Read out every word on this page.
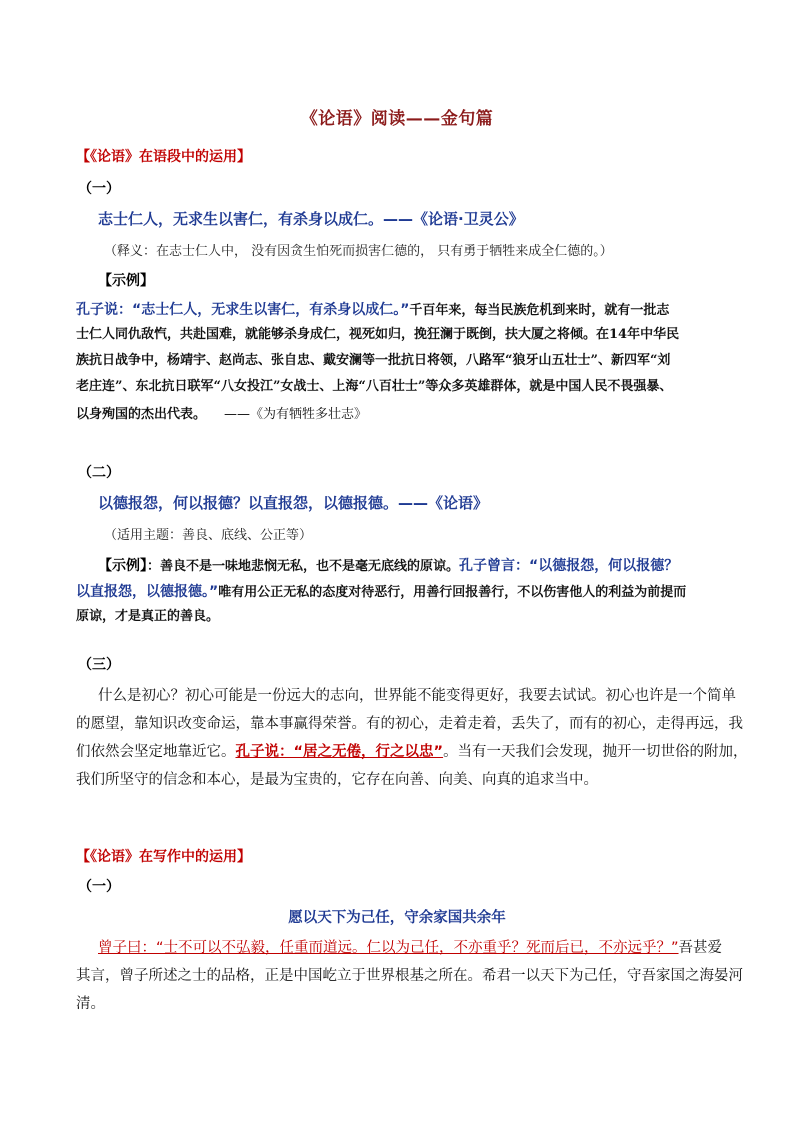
《论语》阅读——金句篇
【《论语》在语段中的运用】
（一）
志士仁人，无求生以害仁，有杀身以成仁。——《论语·卫灵公》
（释义：在志士仁人中， 没有因贪生怕死而损害仁德的， 只有勇于牺牲来成全仁德的。）
【示例】
孔子说：“志士仁人，无求生以害仁，有杀身以成仁。”千百年来，每当民族危机到来时，就有一批志
士仁人同仇敌忾，共赴国难，就能够杀身成仁，视死如归，挽狂澜于既倒，扶大厦之将倾。在14年中华民
族抗日战争中，杨靖宇、赵尚志、张自忠、戴安澜等一批抗日将领，八路军“狼牙山五壮士”、新四军“刘
老庄连”、东北抗日联军“八女投江”女战士、上海“八百壮士”等众多英雄群体，就是中国人民不畏强暴、
以身殉国的杰出代表。 ——《为有牺牲多壮志》
（二）
以德报怨，何以报德？以直报怨，以德报德。——《论语》
（适用主题：善良、底线、公正等）
【示例】：善良不是一味地悲悯无私，也不是毫无底线的原谅。孔子曾言：“以德报怨，何以报德？
以直报怨，以德报德。”唯有用公正无私的态度对待恶行，用善行回报善行，不以伤害他人的利益为前提而
原谅，才是真正的善良。
（三）
什么是初心？初心可能是一份远大的志向，世界能不能变得更好，我要去试试。初心也许是一个简单
的愿望，靠知识改变命运，靠本事赢得荣誉。有的初心，走着走着，丢失了，而有的初心，走得再远，我
们依然会坚定地靠近它。孔子说：“居之无倦，行之以忠”。当有一天我们会发现，抛开一切世俗的附加，
我们所坚守的信念和本心，是最为宝贵的，它存在向善、向美、向真的追求当中。
【《论语》在写作中的运用】
（一）
愿以天下为己任，守余家国共余年
曾子曰：“士不可以不弘毅，任重而道远。仁以为己任，不亦重乎？死而后已，不亦远乎？”吾甚爱
其言，曾子所述之士的品格，正是中国屹立于世界根基之所在。希君一以天下为己任，守吾家国之海晏河
清。
